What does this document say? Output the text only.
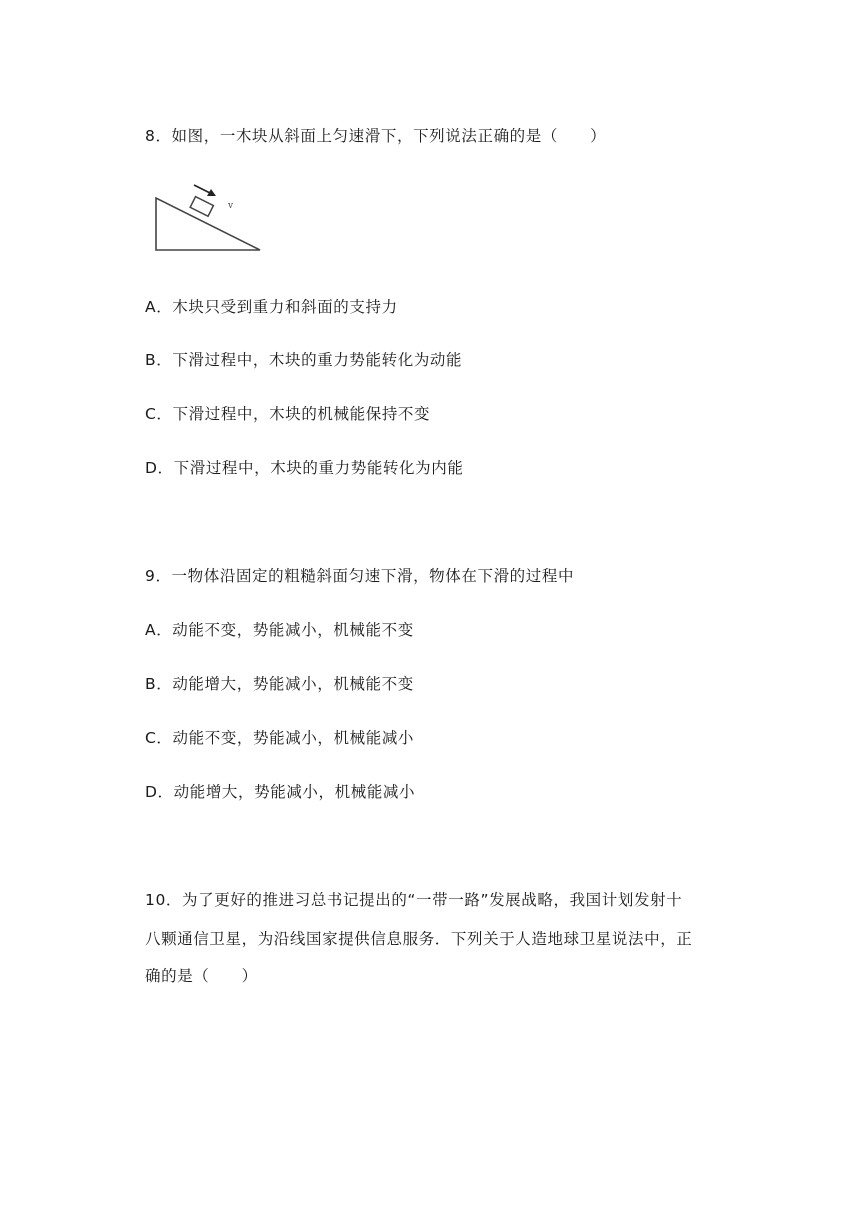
8．如图，一木块从斜面上匀速滑下，下列说法正确的是（　　）
v
A．木块只受到重力和斜面的支持力
B．下滑过程中，木块的重力势能转化为动能
C．下滑过程中，木块的机械能保持不变
D．下滑过程中，木块的重力势能转化为内能
9．一物体沿固定的粗糙斜面匀速下滑，物体在下滑的过程中
A．动能不变，势能减小，机械能不变
B．动能增大，势能减小，机械能不变
C．动能不变，势能减小，机械能减小
D．动能增大，势能减小，机械能减小
10．为了更好的推进习总书记提出的“一带一路”发展战略，我国计划发射十
八颗通信卫星，为沿线国家提供信息服务．下列关于人造地球卫星说法中，正
确的是（　　）
